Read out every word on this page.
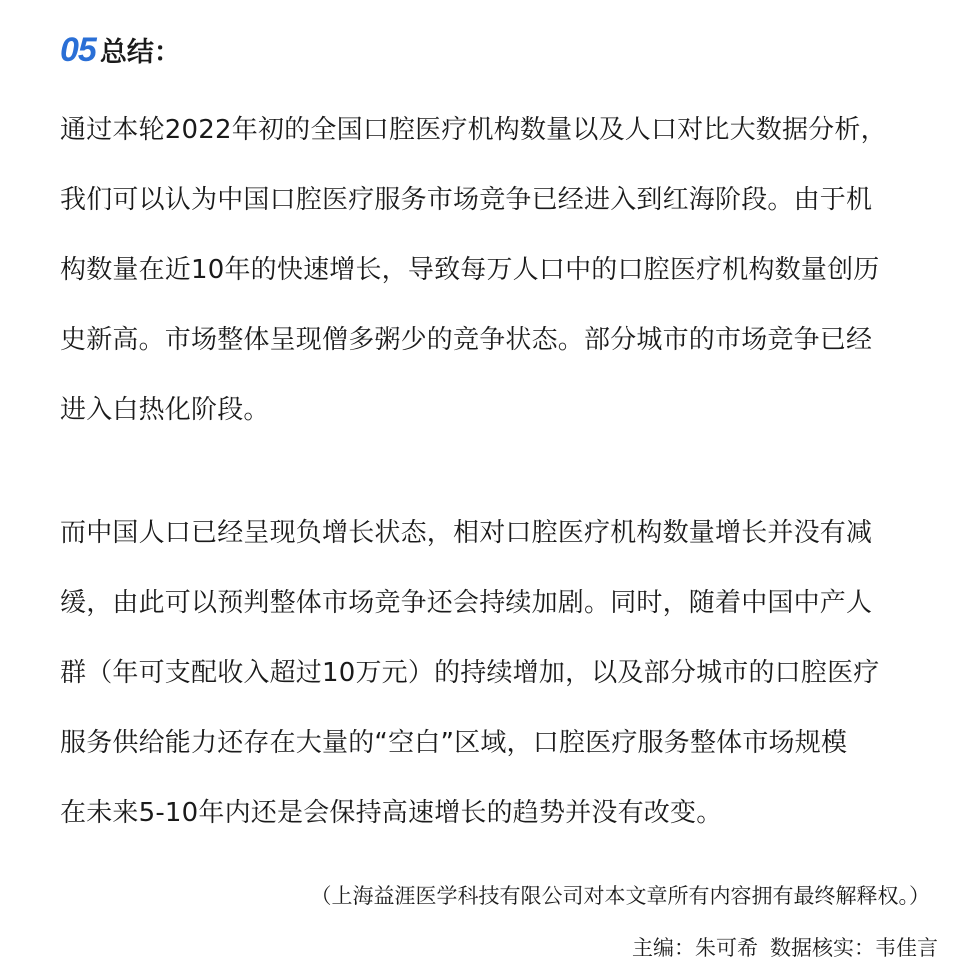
05 总结：

通过本轮2022年初的全国口腔医疗机构数量以及人口对比大数据分析，
我们可以认为中国口腔医疗服务市场竞争已经进入到红海阶段。由于机
构数量在近10年的快速增长，导致每万人口中的口腔医疗机构数量创历
史新高。市场整体呈现僧多粥少的竞争状态。部分城市的市场竞争已经
进入白热化阶段。

而中国人口已经呈现负增长状态，相对口腔医疗机构数量增长并没有减
缓，由此可以预判整体市场竞争还会持续加剧。同时，随着中国中产人
群（年可支配收入超过10万元）的持续增加，以及部分城市的口腔医疗
服务供给能力还存在大量的“空白”区域，口腔医疗服务整体市场规模
在未来5-10年内还是会保持高速增长的趋势并没有改变。

（上海益涯医学科技有限公司对本文章所有内容拥有最终解释权。）
主编：朱可希 数据核实：韦佳言
